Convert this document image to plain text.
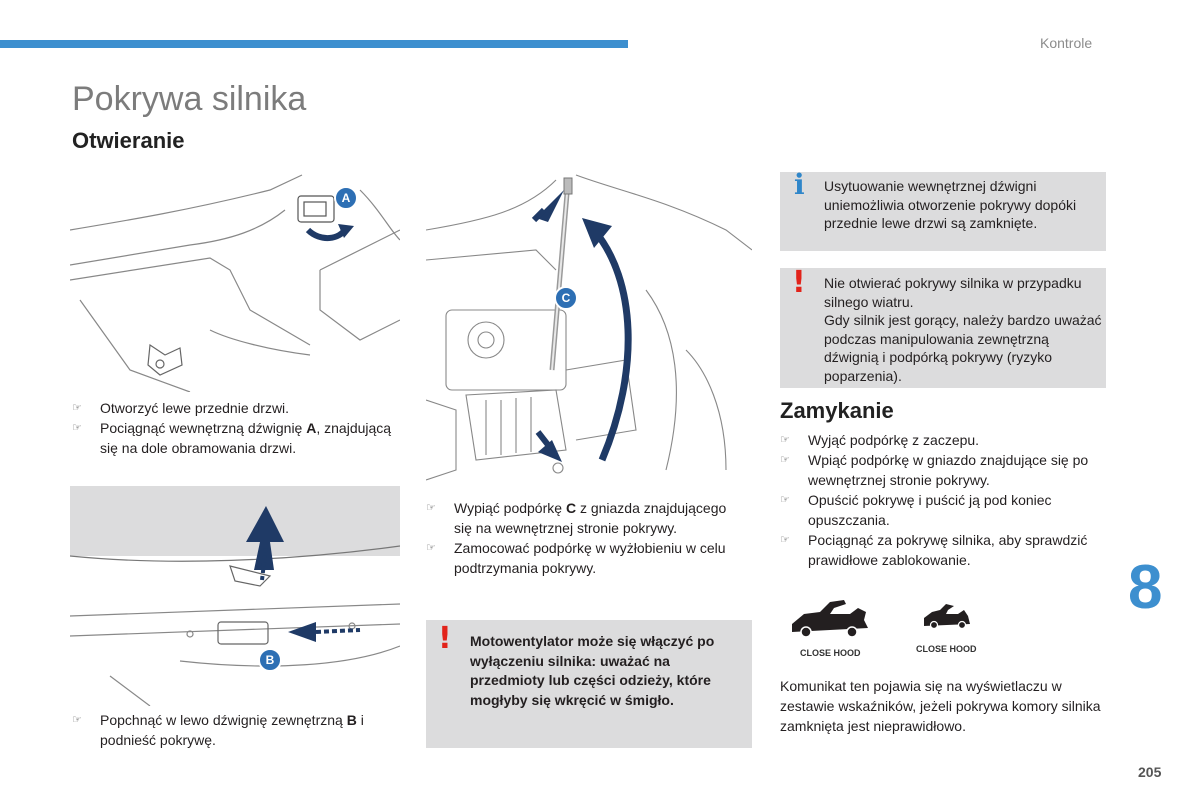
Kontrole
Pokrywa silnika
Otwieranie
A
☞ Otworzyć lewe przednie drzwi.
☞ Pociągnąć wewnętrzną dźwignię A, znajdującą się na dole obramowania drzwi.
B
☞ Popchnąć w lewo dźwignię zewnętrzną B i podnieść pokrywę.
C
☞ Wypiąć podpórkę C z gniazda znajdującego się na wewnętrznej stronie pokrywy.
☞ Zamocować podpórkę w wyżłobieniu w celu podtrzymania pokrywy.
! Motowentylator może się włączyć po wyłączeniu silnika: uważać na przedmioty lub części odzieży, które mogłyby się wkręcić w śmigło.
i Usytuowanie wewnętrznej dźwigni uniemożliwia otworzenie pokrywy dopóki przednie lewe drzwi są zamknięte.
! Nie otwierać pokrywy silnika w przypadku silnego wiatru.
Gdy silnik jest gorący, należy bardzo uważać podczas manipulowania zewnętrzną dźwignią i podpórką pokrywy (ryzyko poparzenia).
Zamykanie
☞ Wyjąć podpórkę z zaczepu.
☞ Wpiąć podpórkę w gniazdo znajdujące się po wewnętrznej stronie pokrywy.
☞ Opuścić pokrywę i puścić ją pod koniec opuszczania.
☞ Pociągnąć za pokrywę silnika, aby sprawdzić prawidłowe zablokowanie.
CLOSE HOOD	CLOSE HOOD

Komunikat ten pojawia się na wyświetlaczu w zestawie wskaźników, jeżeli pokrywa komory silnika zamknięta jest nieprawidłowo.

8
205
